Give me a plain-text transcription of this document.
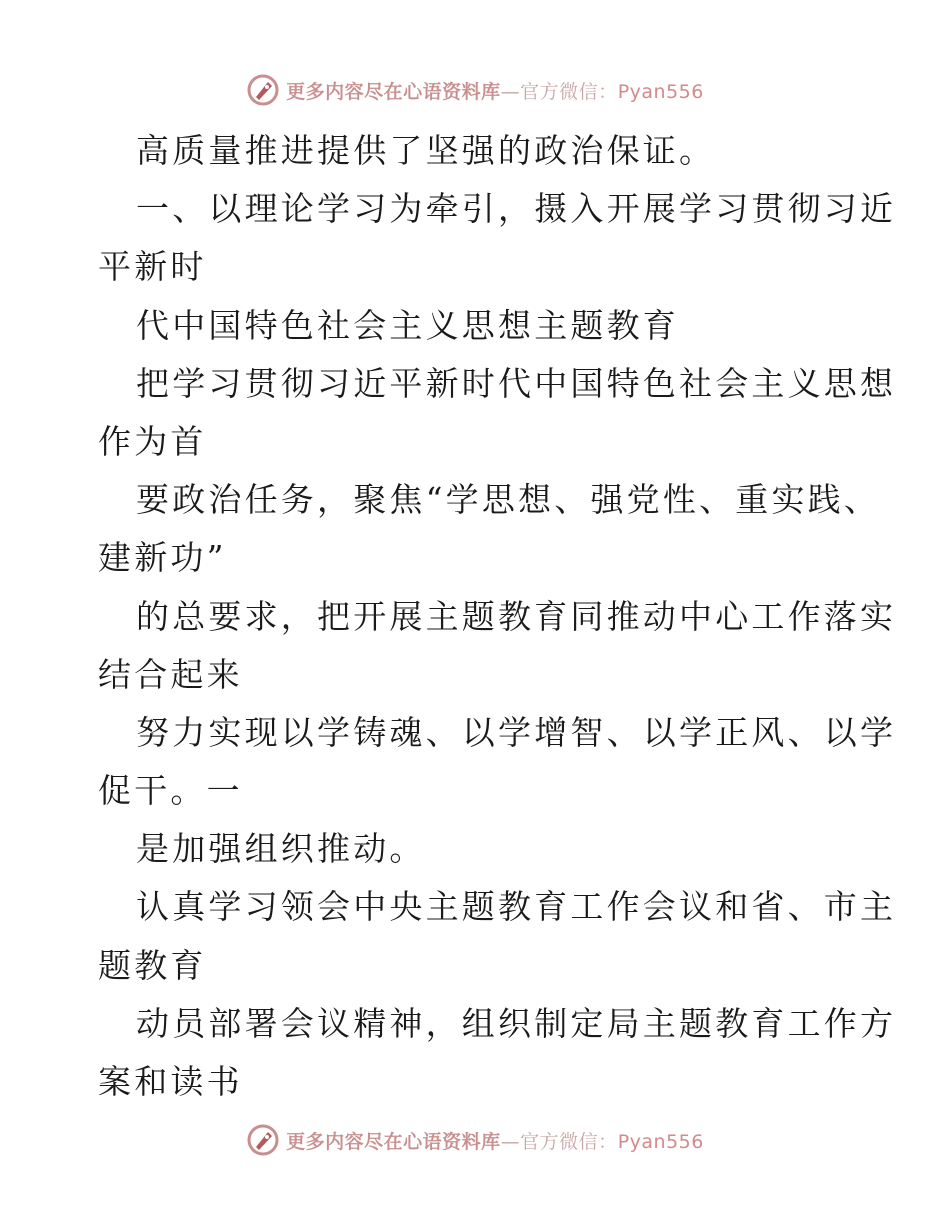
更多内容尽在心语资料库—官方微信：Pyan556
高质量推进提供了坚强的政治保证。
一、以理论学习为牵引，摄入开展学习贯彻习近
平新时
代中国特色社会主义思想主题教育
把学习贯彻习近平新时代中国特色社会主义思想
作为首
要政治任务，聚焦“学思想、强党性、重实践、
建新功”
的总要求，把开展主题教育同推动中心工作落实
结合起来
努力实现以学铸魂、以学增智、以学正风、以学
促干。一
是加强组织推动。
认真学习领会中央主题教育工作会议和省、市主
题教育
动员部署会议精神，组织制定局主题教育工作方
案和读书
更多内容尽在心语资料库—官方微信：Pyan556
